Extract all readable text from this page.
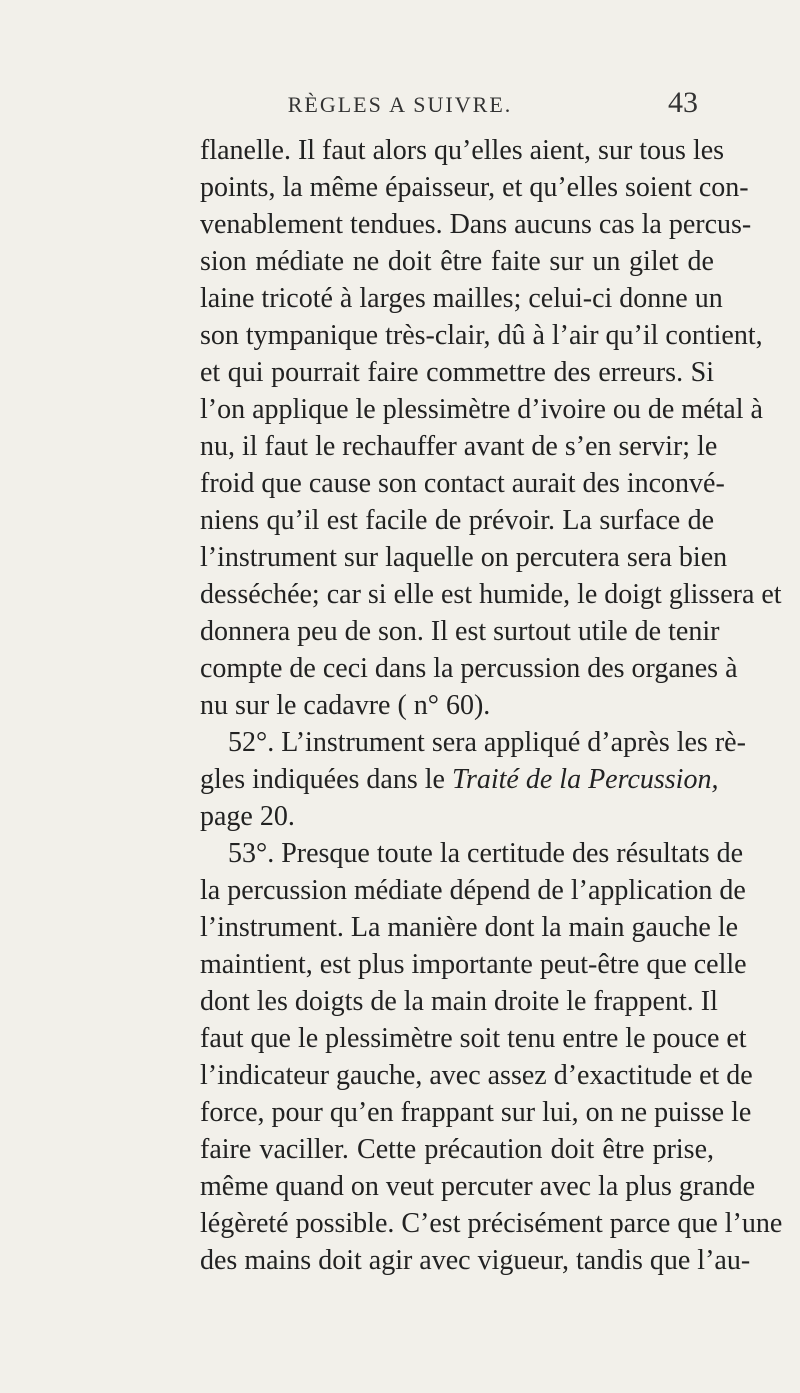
RÈGLES A SUIVRE.	43
flanelle. Il faut alors qu’elles aient, sur tous les
points, la même épaisseur, et qu’elles soient con-
venablement tendues. Dans aucuns cas la percus-
sion médiate ne doit être faite sur un gilet de
laine tricoté à larges mailles; celui-ci donne un
son tympanique très-clair, dû à l’air qu’il contient,
et qui pourrait faire commettre des erreurs. Si
l’on applique le plessimètre d’ivoire ou de métal à
nu, il faut le rechauffer avant de s’en servir; le
froid que cause son contact aurait des inconvé-
niens qu’il est facile de prévoir. La surface de
l’instrument sur laquelle on percutera sera bien
desséchée; car si elle est humide, le doigt glissera et
donnera peu de son. Il est surtout utile de tenir
compte de ceci dans la percussion des organes à
nu sur le cadavre ( n° 60).
52°. L’instrument sera appliqué d’après les rè-
gles indiquées dans le Traité de la Percussion,
page 20.
53°. Presque toute la certitude des résultats de
la percussion médiate dépend de l’application de
l’instrument. La manière dont la main gauche le
maintient, est plus importante peut-être que celle
dont les doigts de la main droite le frappent. Il
faut que le plessimètre soit tenu entre le pouce et
l’indicateur gauche, avec assez d’exactitude et de
force, pour qu’en frappant sur lui, on ne puisse le
faire vaciller. Cette précaution doit être prise,
même quand on veut percuter avec la plus grande
légèreté possible. C’est précisément parce que l’une
des mains doit agir avec vigueur, tandis que l’au-
